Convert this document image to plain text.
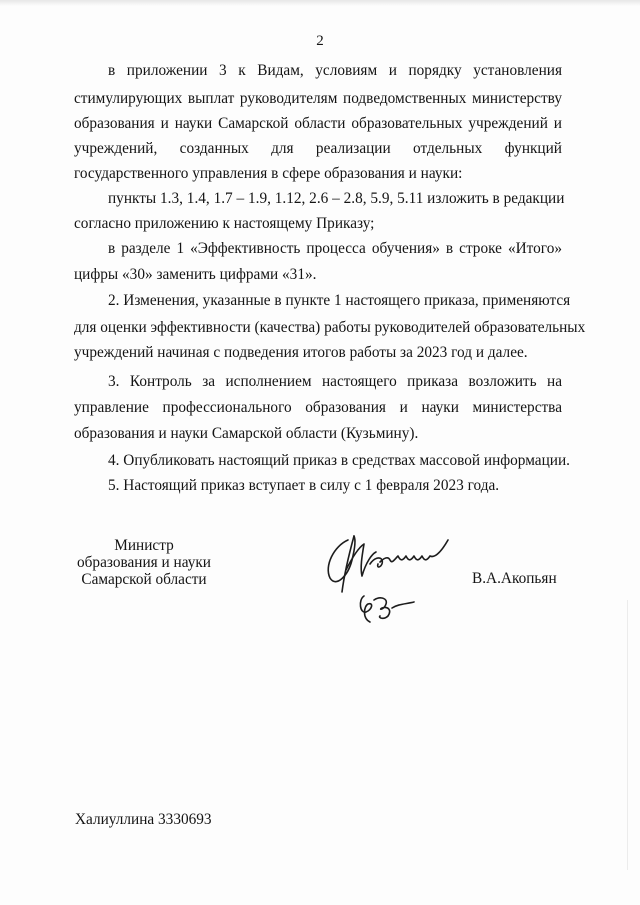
2
в приложении 3 к Видам, условиям и порядку установления
стимулирующих выплат руководителям подведомственных министерству
образования и науки Самарской области образовательных учреждений и
учреждений, созданных для реализации отдельных функций
государственного управления в сфере образования и науки:
пункты 1.3, 1.4, 1.7 – 1.9, 1.12, 2.6 – 2.8, 5.9, 5.11 изложить в редакции
согласно приложению к настоящему Приказу;
в разделе 1 «Эффективность процесса обучения» в строке «Итого»
цифры «30» заменить цифрами «31».
2. Изменения, указанные в пункте 1 настоящего приказа, применяются
для оценки эффективности (качества) работы руководителей образовательных
учреждений начиная с подведения итогов работы за 2023 год и далее.
3. Контроль за исполнением настоящего приказа возложить на
управление профессионального образования и науки министерства
образования и науки Самарской области (Кузьмину).
4. Опубликовать настоящий приказ в средствах массовой информации.
5. Настоящий приказ вступает в силу с 1 февраля 2023 года.
Министр
образования и науки
Самарской области	В.А.Акопьян
Халиуллина 3330693
